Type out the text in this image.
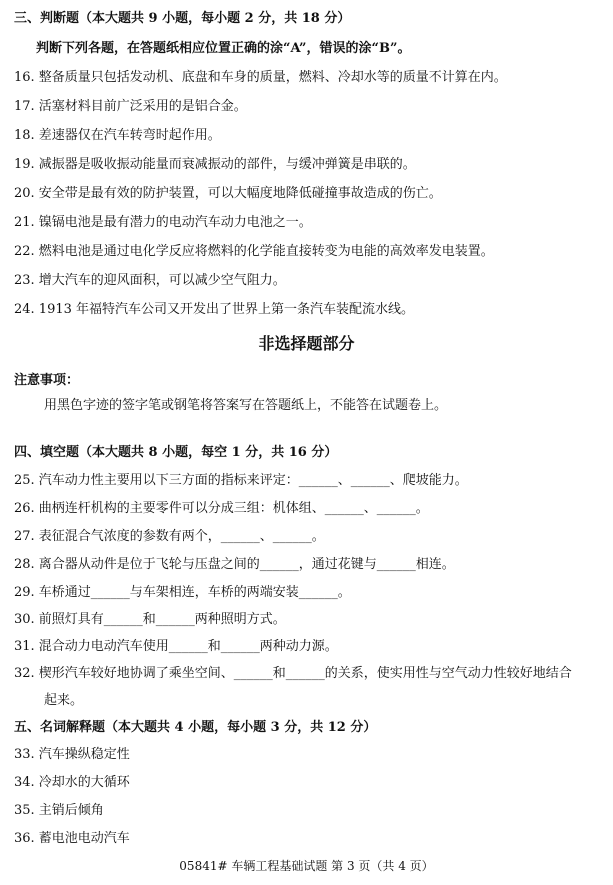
三、判断题（本大题共 9 小题，每小题 2 分，共 18 分）
判断下列各题，在答题纸相应位置正确的涂“A”，错误的涂“B”。
16. 整备质量只包括发动机、底盘和车身的质量，燃料、冷却水等的质量不计算在内。
17. 活塞材料目前广泛采用的是铝合金。
18. 差速器仅在汽车转弯时起作用。
19. 减振器是吸收振动能量而衰减振动的部件，与缓冲弹簧是串联的。
20. 安全带是最有效的防护装置，可以大幅度地降低碰撞事故造成的伤亡。
21. 镍镉电池是最有潜力的电动汽车动力电池之一。
22. 燃料电池是通过电化学反应将燃料的化学能直接转变为电能的高效率发电装置。
23. 增大汽车的迎风面积，可以减少空气阻力。
24. 1913 年福特汽车公司又开发出了世界上第一条汽车装配流水线。
非选择题部分
注意事项：
用黑色字迹的签字笔或钢笔将答案写在答题纸上，不能答在试题卷上。
四、填空题（本大题共 8 小题，每空 1 分，共 16 分）
25. 汽车动力性主要用以下三方面的指标来评定：______、______、爬坡能力。
26. 曲柄连杆机构的主要零件可以分成三组：机体组、______、______。
27. 表征混合气浓度的参数有两个，______、______。
28. 离合器从动件是位于飞轮与压盘之间的______，通过花键与______相连。
29. 车桥通过______与车架相连，车桥的两端安装______。
30. 前照灯具有______和______两种照明方式。
31. 混合动力电动汽车使用______和______两种动力源。
32. 楔形汽车较好地协调了乘坐空间、______和______的关系，使实用性与空气动力性较好地结合
起来。
五、名词解释题（本大题共 4 小题，每小题 3 分，共 12 分）
33. 汽车操纵稳定性
34. 冷却水的大循环
35. 主销后倾角
36. 蓄电池电动汽车
05841# 车辆工程基础试题 第 3 页（共 4 页）
